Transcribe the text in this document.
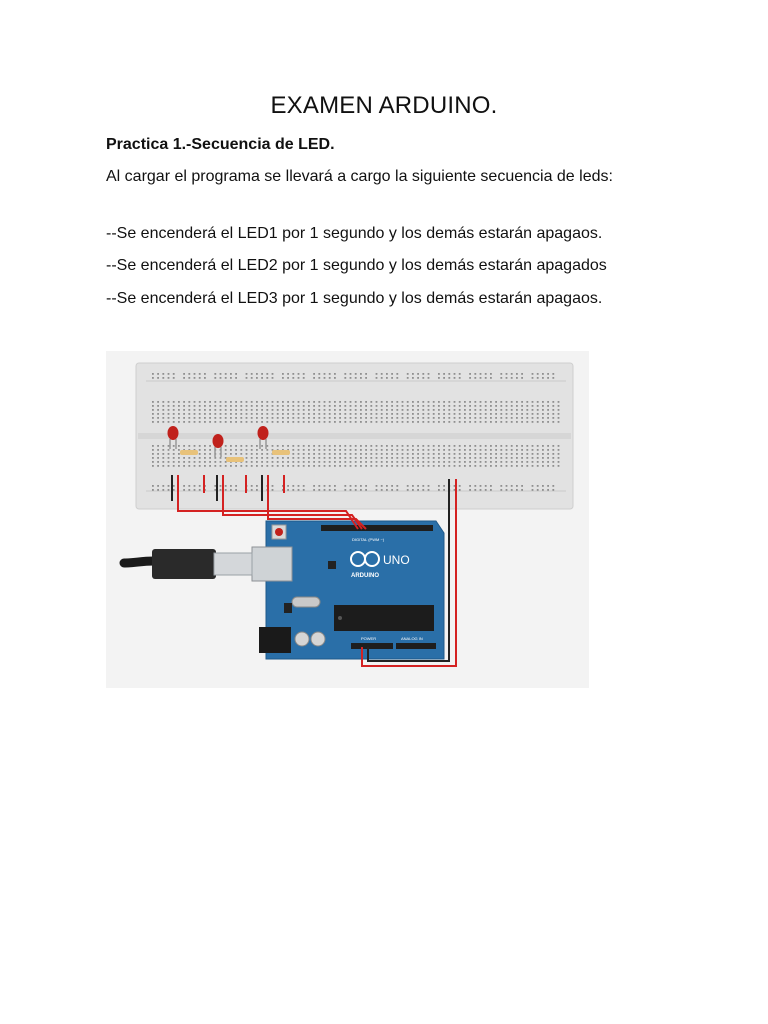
EXAMEN ARDUINO.

Practica 1.-Secuencia de LED.

Al cargar el programa se llevará a cargo la siguiente secuencia de leds:

--Se encenderá el LED1 por 1 segundo y los demás estarán apagaos.

--Se encenderá el LED2 por 1 segundo y los demás estarán apagados

--Se encenderá el LED3 por 1 segundo y los demás estarán apagaos.

ARDUINO
UNO
DIGITAL (PWM ~)
POWER	ANALOG IN
